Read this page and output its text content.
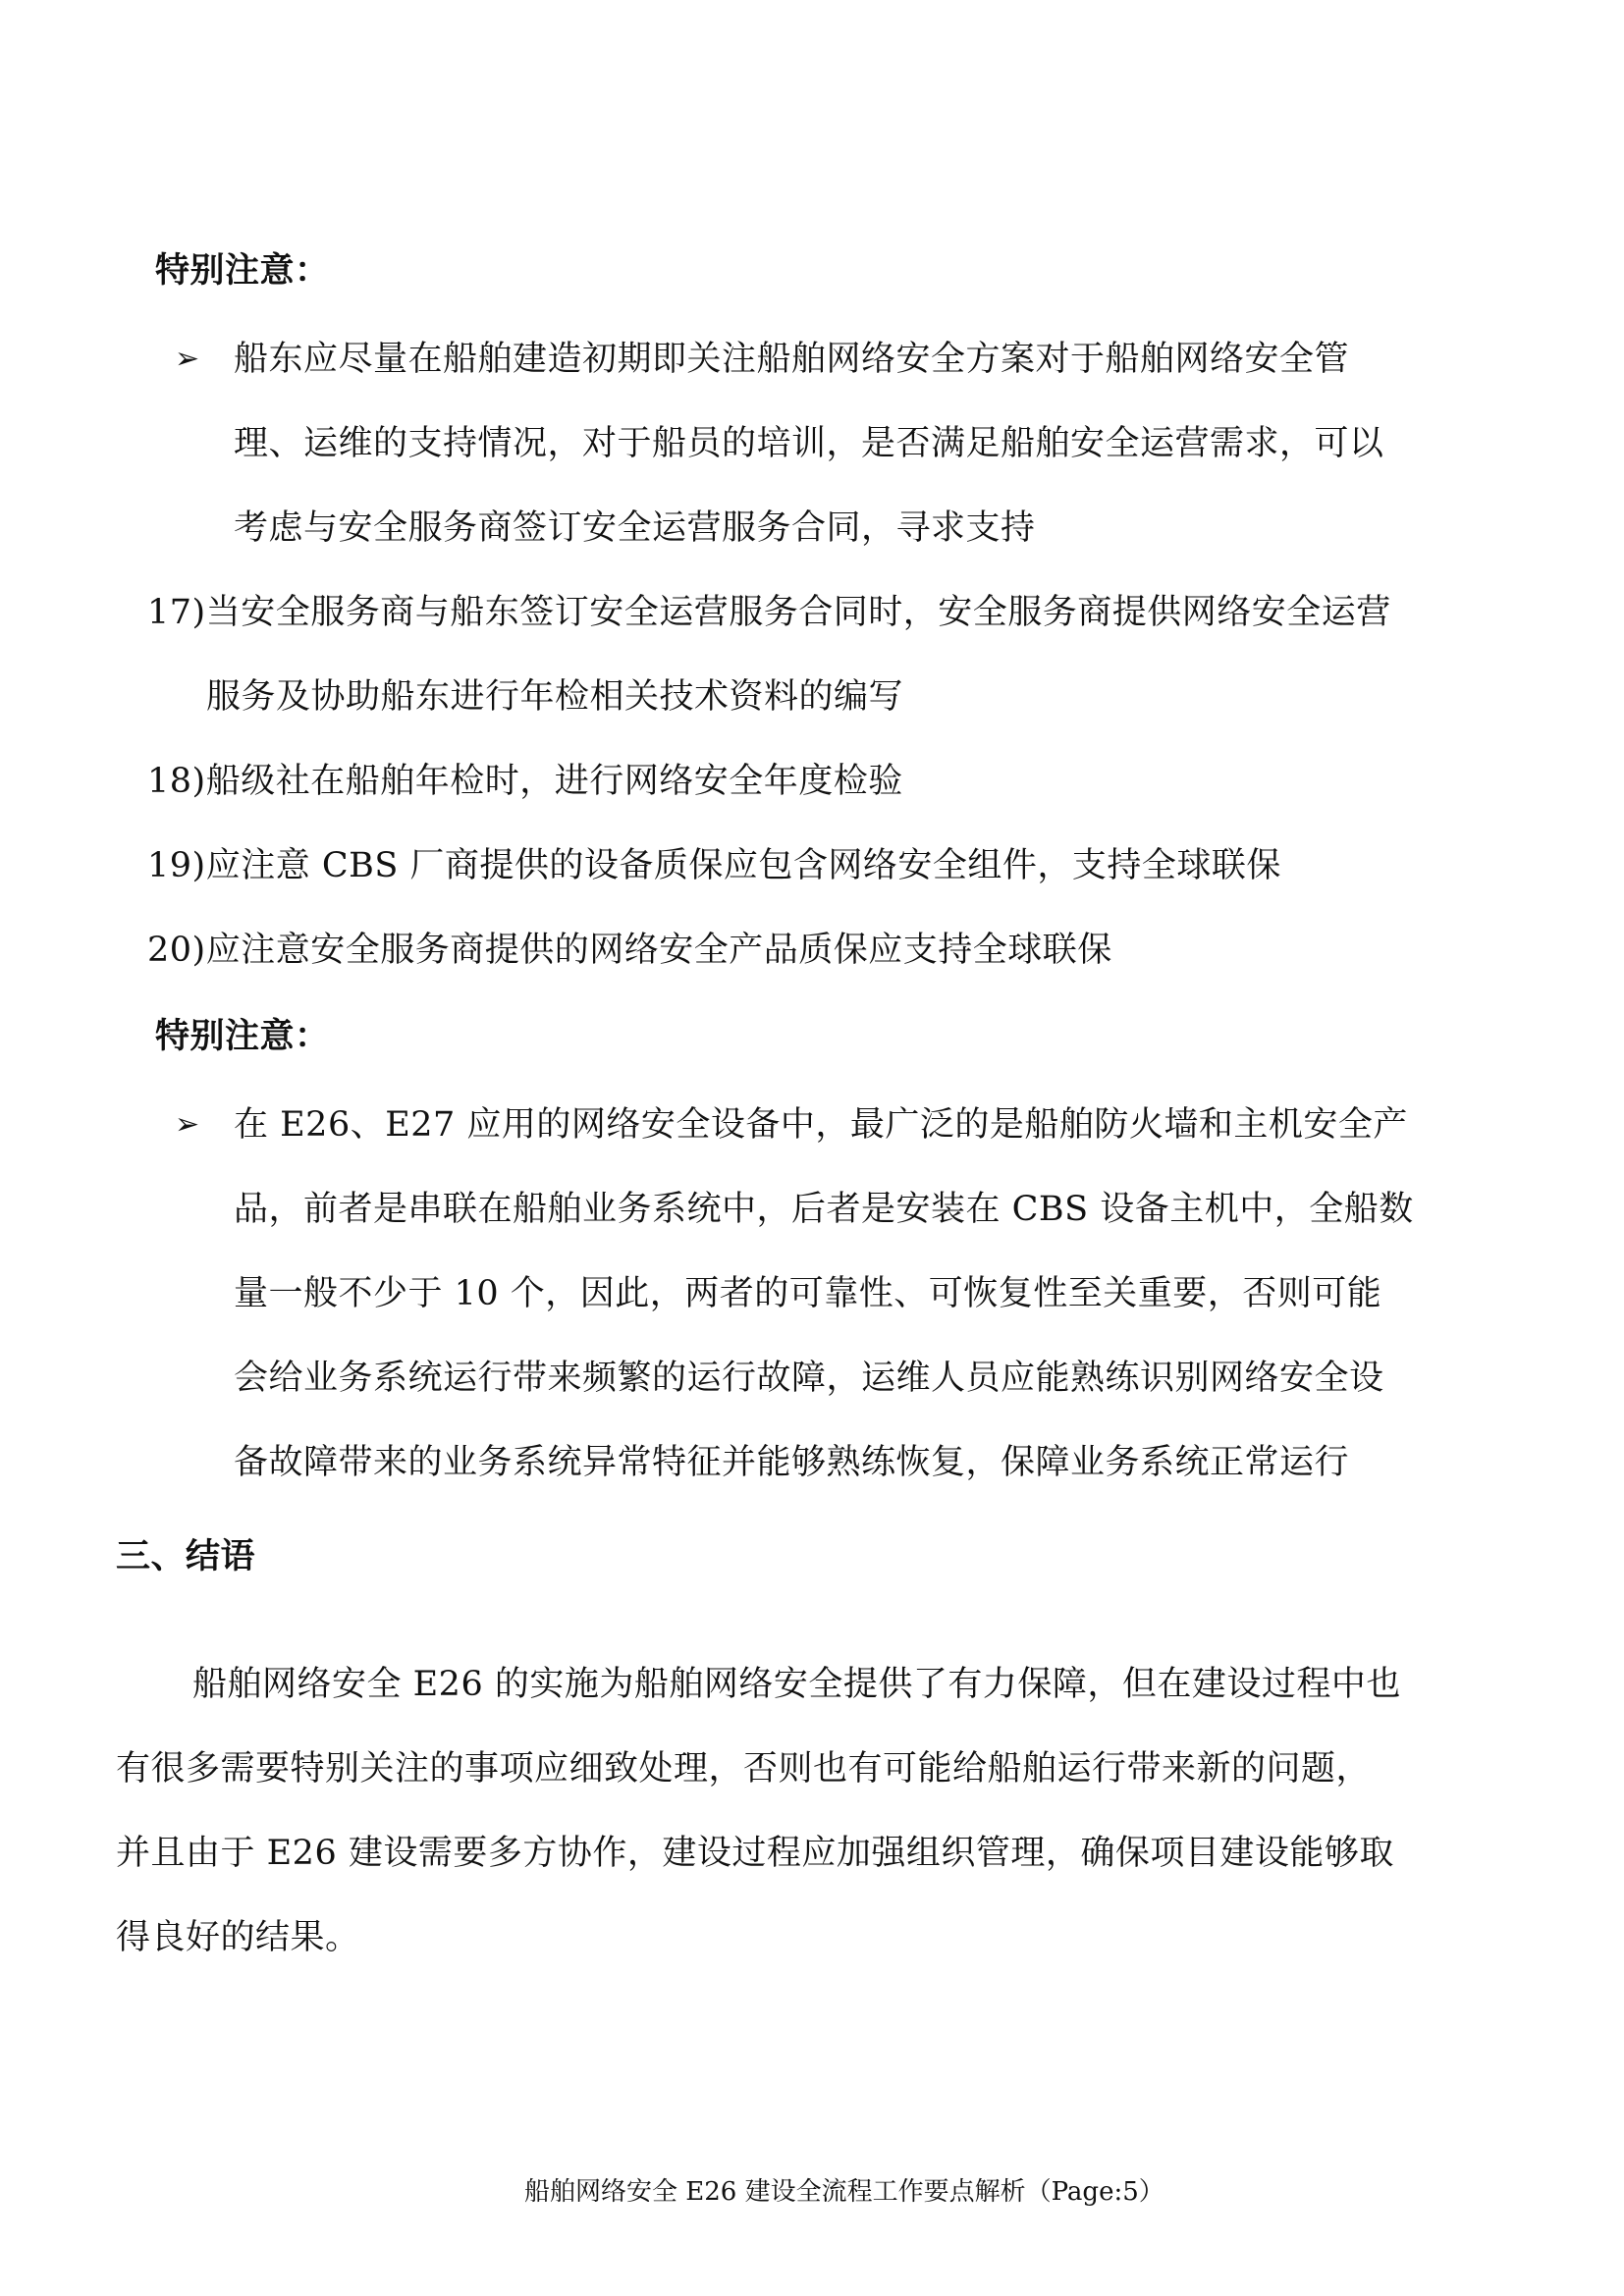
特别注意：
➢ 船东应尽量在船舶建造初期即关注船舶网络安全方案对于船舶网络安全管
理、运维的支持情况，对于船员的培训，是否满足船舶安全运营需求，可以
考虑与安全服务商签订安全运营服务合同，寻求支持
17)当安全服务商与船东签订安全运营服务合同时，安全服务商提供网络安全运营
服务及协助船东进行年检相关技术资料的编写
18)船级社在船舶年检时，进行网络安全年度检验
19)应注意 CBS 厂商提供的设备质保应包含网络安全组件，支持全球联保
20)应注意安全服务商提供的网络安全产品质保应支持全球联保
特别注意：
➢ 在 E26、E27 应用的网络安全设备中，最广泛的是船舶防火墙和主机安全产
品，前者是串联在船舶业务系统中，后者是安装在 CBS 设备主机中，全船数
量一般不少于 10 个，因此，两者的可靠性、可恢复性至关重要，否则可能
会给业务系统运行带来频繁的运行故障，运维人员应能熟练识别网络安全设
备故障带来的业务系统异常特征并能够熟练恢复，保障业务系统正常运行
三、结语
船舶网络安全 E26 的实施为船舶网络安全提供了有力保障，但在建设过程中也
有很多需要特别关注的事项应细致处理，否则也有可能给船舶运行带来新的问题，
并且由于 E26 建设需要多方协作，建设过程应加强组织管理，确保项目建设能够取
得良好的结果。
船舶网络安全 E26 建设全流程工作要点解析（Page:5）
